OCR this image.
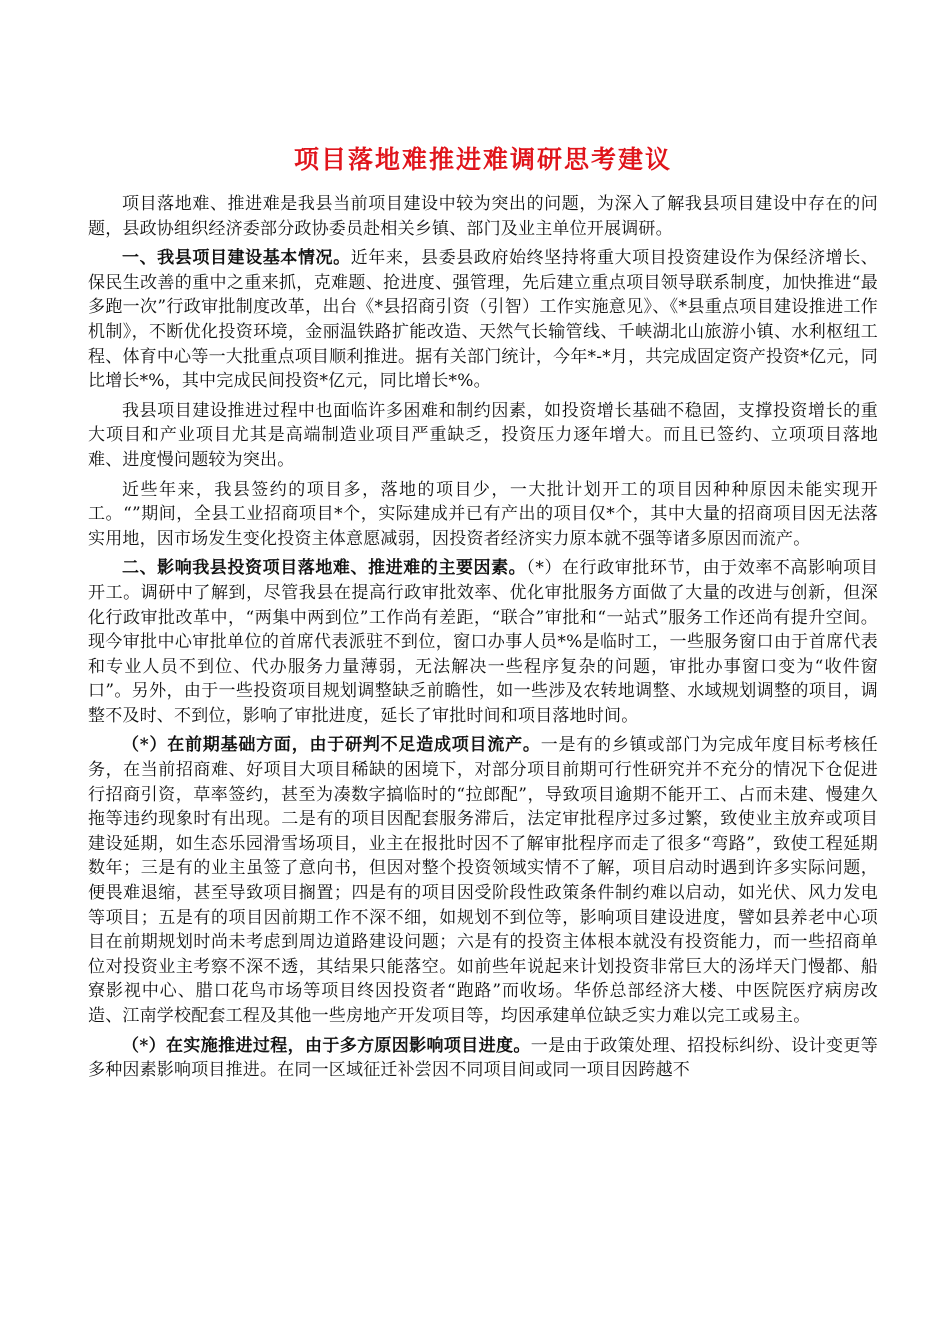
项目落地难推进难调研思考建议

项目落地难、推进难是我县当前项目建设中较为突出的问题，为深入了解我县项目建设中存在的问题，县政协组织经济委部分政协委员赴相关乡镇、部门及业主单位开展调研。

一、我县项目建设基本情况。近年来，县委县政府始终坚持将重大项目投资建设作为保经济增长、保民生改善的重中之重来抓，克难题、抢进度、强管理，先后建立重点项目领导联系制度，加快推进“最多跑一次”行政审批制度改革，出台《*县招商引资（引智）工作实施意见》、《*县重点项目建设推进工作机制》，不断优化投资环境，金丽温铁路扩能改造、天然气长输管线、千峡湖北山旅游小镇、水利枢纽工程、体育中心等一大批重点项目顺利推进。据有关部门统计，今年*-*月，共完成固定资产投资*亿元，同比增长*%，其中完成民间投资*亿元，同比增长*%。

我县项目建设推进过程中也面临许多困难和制约因素，如投资增长基础不稳固，支撑投资增长的重大项目和产业项目尤其是高端制造业项目严重缺乏，投资压力逐年增大。而且已签约、立项项目落地难、进度慢问题较为突出。

近些年来，我县签约的项目多，落地的项目少，一大批计划开工的项目因种种原因未能实现开工。“”期间，全县工业招商项目*个，实际建成并已有产出的项目仅*个，其中大量的招商项目因无法落实用地，因市场发生变化投资主体意愿减弱，因投资者经济实力原本就不强等诸多原因而流产。

二、影响我县投资项目落地难、推进难的主要因素。（*）在行政审批环节，由于效率不高影响项目开工。调研中了解到，尽管我县在提高行政审批效率、优化审批服务方面做了大量的改进与创新，但深化行政审批改革中，“两集中两到位”工作尚有差距，“联合”审批和“一站式”服务工作还尚有提升空间。现今审批中心审批单位的首席代表派驻不到位，窗口办事人员*%是临时工，一些服务窗口由于首席代表和专业人员不到位、代办服务力量薄弱，无法解决一些程序复杂的问题，审批办事窗口变为“收件窗口”。另外，由于一些投资项目规划调整缺乏前瞻性，如一些涉及农转地调整、水域规划调整的项目，调整不及时、不到位，影响了审批进度，延长了审批时间和项目落地时间。

（*）在前期基础方面，由于研判不足造成项目流产。一是有的乡镇或部门为完成年度目标考核任务，在当前招商难、好项目大项目稀缺的困境下，对部分项目前期可行性研究并不充分的情况下仓促进行招商引资，草率签约，甚至为凑数字搞临时的“拉郎配”，导致项目逾期不能开工、占而未建、慢建久拖等违约现象时有出现。二是有的项目因配套服务滞后，法定审批程序过多过繁，致使业主放弃或项目建设延期，如生态乐园滑雪场项目，业主在报批时因不了解审批程序而走了很多“弯路”，致使工程延期数年；三是有的业主虽签了意向书，但因对整个投资领域实情不了解，项目启动时遇到许多实际问题，便畏难退缩，甚至导致项目搁置；四是有的项目因受阶段性政策条件制约难以启动，如光伏、风力发电等项目；五是有的项目因前期工作不深不细，如规划不到位等，影响项目建设进度，譬如县养老中心项目在前期规划时尚未考虑到周边道路建设问题；六是有的投资主体根本就没有投资能力，而一些招商单位对投资业主考察不深不透，其结果只能落空。如前些年说起来计划投资非常巨大的汤垟天门慢都、船寮影视中心、腊口花鸟市场等项目终因投资者“跑路”而收场。华侨总部经济大楼、中医院医疗病房改造、江南学校配套工程及其他一些房地产开发项目等，均因承建单位缺乏实力难以完工或易主。

（*）在实施推进过程，由于多方原因影响项目进度。一是由于政策处理、招投标纠纷、设计变更等多种因素影响项目推进。在同一区域征迁补尝因不同项目间或同一项目因跨越不
